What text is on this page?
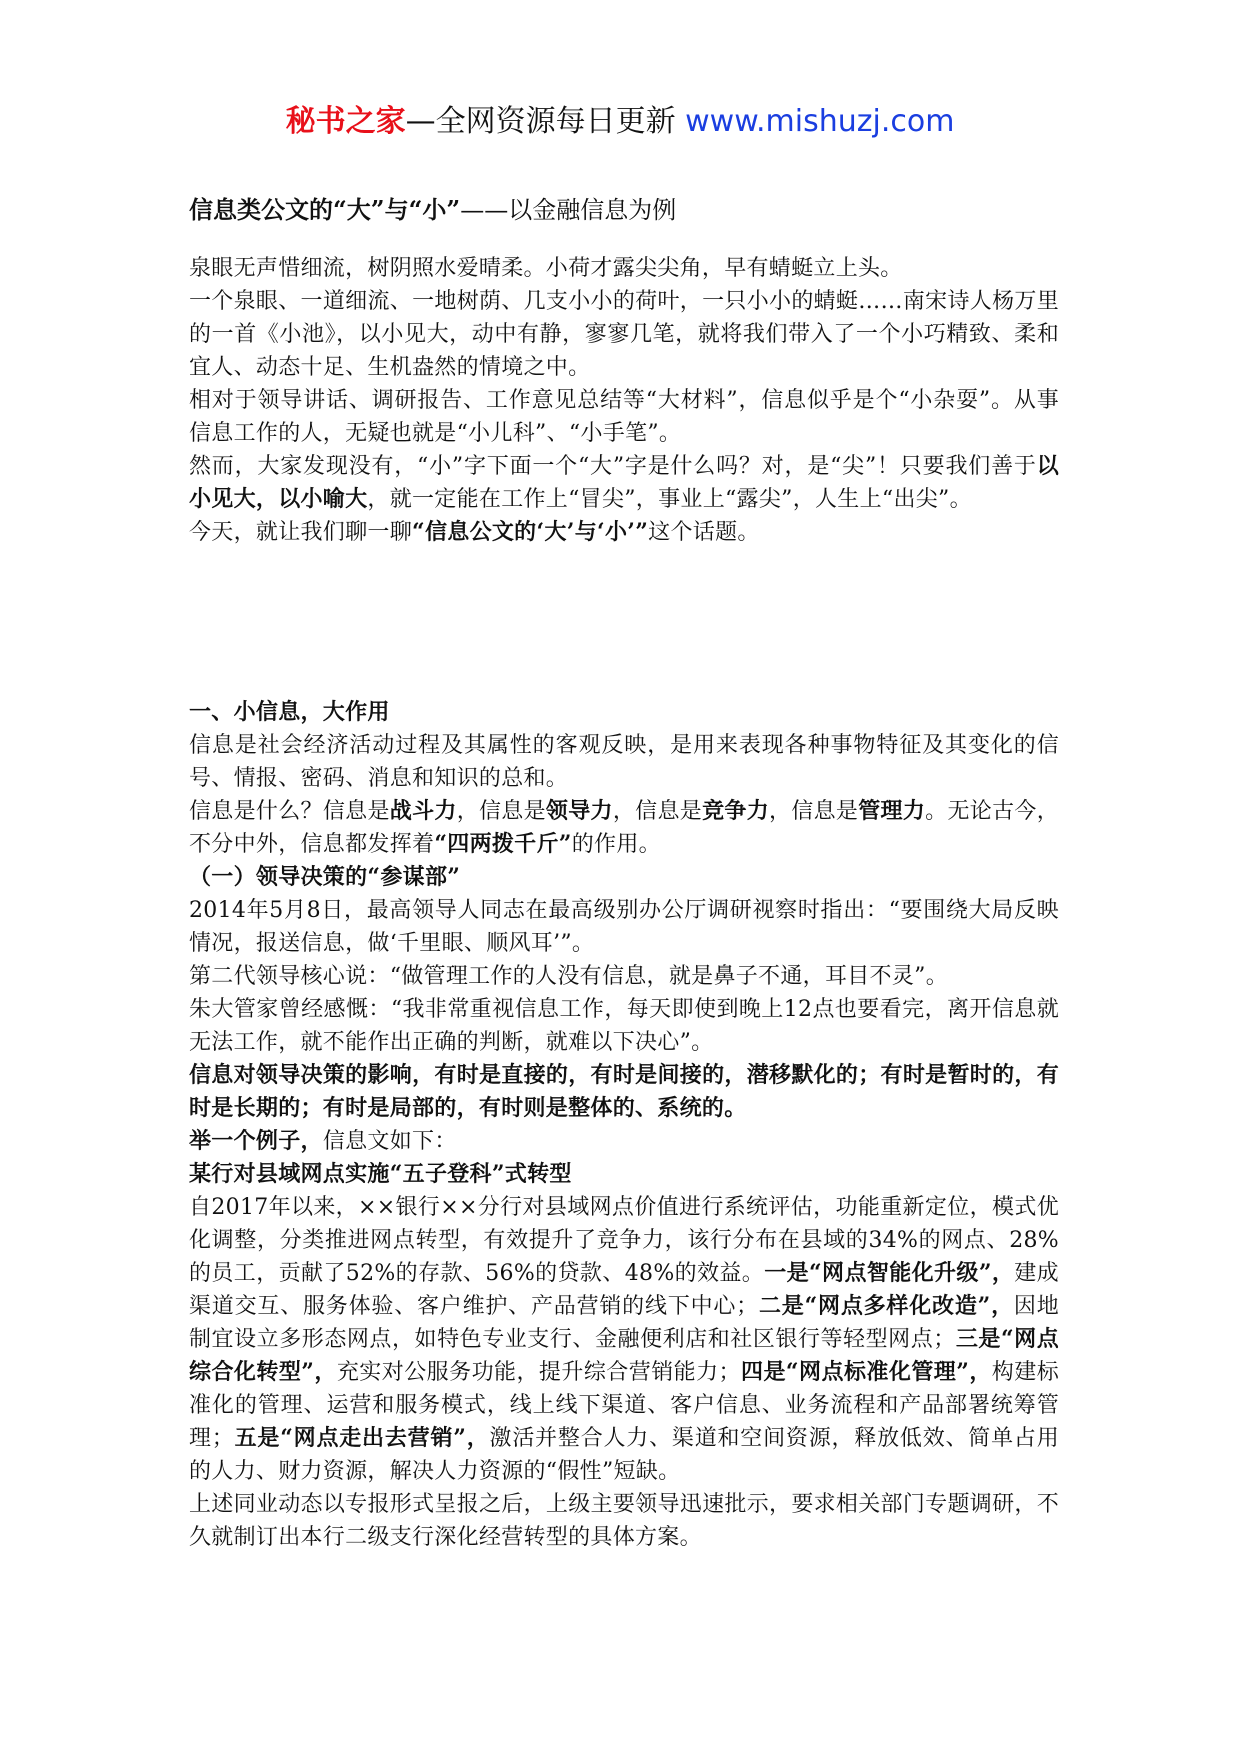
秘书之家—全网资源每日更新 www.mishuzj.com
信息类公文的“大”与“小”——以金融信息为例

泉眼无声惜细流，树阴照水爱晴柔。小荷才露尖尖角，早有蜻蜓立上头。

一个泉眼、一道细流、一地树荫、几支小小的荷叶，一只小小的蜻蜓……南宋诗人杨万里的一首《小池》，以小见大，动中有静，寥寥几笔，就将我们带入了一个小巧精致、柔和宜人、动态十足、生机盎然的情境之中。

相对于领导讲话、调研报告、工作意见总结等“大材料”，信息似乎是个“小杂耍”。从事信息工作的人，无疑也就是“小儿科”、“小手笔”。

然而，大家发现没有，“小”字下面一个“大”字是什么吗？对，是“尖”！只要我们善于以小见大，以小喻大，就一定能在工作上“冒尖”，事业上“露尖”，人生上“出尖”。

今天，就让我们聊一聊“信息公文的‘大’与‘小’”这个话题。

一、小信息，大作用

信息是社会经济活动过程及其属性的客观反映，是用来表现各种事物特征及其变化的信号、情报、密码、消息和知识的总和。

信息是什么？信息是战斗力，信息是领导力，信息是竞争力，信息是管理力。无论古今，不分中外，信息都发挥着“四两拨千斤”的作用。

（一）领导决策的“参谋部”

2014年5月8日，最高领导人同志在最高级别办公厅调研视察时指出：“要围绕大局反映情况，报送信息，做‘千里眼、顺风耳’”。

第二代领导核心说：“做管理工作的人没有信息，就是鼻子不通，耳目不灵”。

朱大管家曾经感慨：“我非常重视信息工作，每天即使到晚上12点也要看完，离开信息就无法工作，就不能作出正确的判断，就难以下决心”。

信息对领导决策的影响，有时是直接的，有时是间接的，潜移默化的；有时是暂时的，有时是长期的；有时是局部的，有时则是整体的、系统的。

举一个例子，信息文如下：

某行对县域网点实施“五子登科”式转型

自2017年以来，××银行××分行对县域网点价值进行系统评估，功能重新定位，模式优化调整，分类推进网点转型，有效提升了竞争力，该行分布在县域的34%的网点、28%的员工，贡献了52%的存款、56%的贷款、48%的效益。一是“网点智能化升级”，建成渠道交互、服务体验、客户维护、产品营销的线下中心；二是“网点多样化改造”，因地制宜设立多形态网点，如特色专业支行、金融便利店和社区银行等轻型网点；三是“网点综合化转型”，充实对公服务功能，提升综合营销能力；四是“网点标准化管理”，构建标准化的管理、运营和服务模式，线上线下渠道、客户信息、业务流程和产品部署统筹管理；五是“网点走出去营销”，激活并整合人力、渠道和空间资源，释放低效、简单占用的人力、财力资源，解决人力资源的“假性”短缺。

上述同业动态以专报形式呈报之后，上级主要领导迅速批示，要求相关部门专题调研，不久就制订出本行二级支行深化经营转型的具体方案。
